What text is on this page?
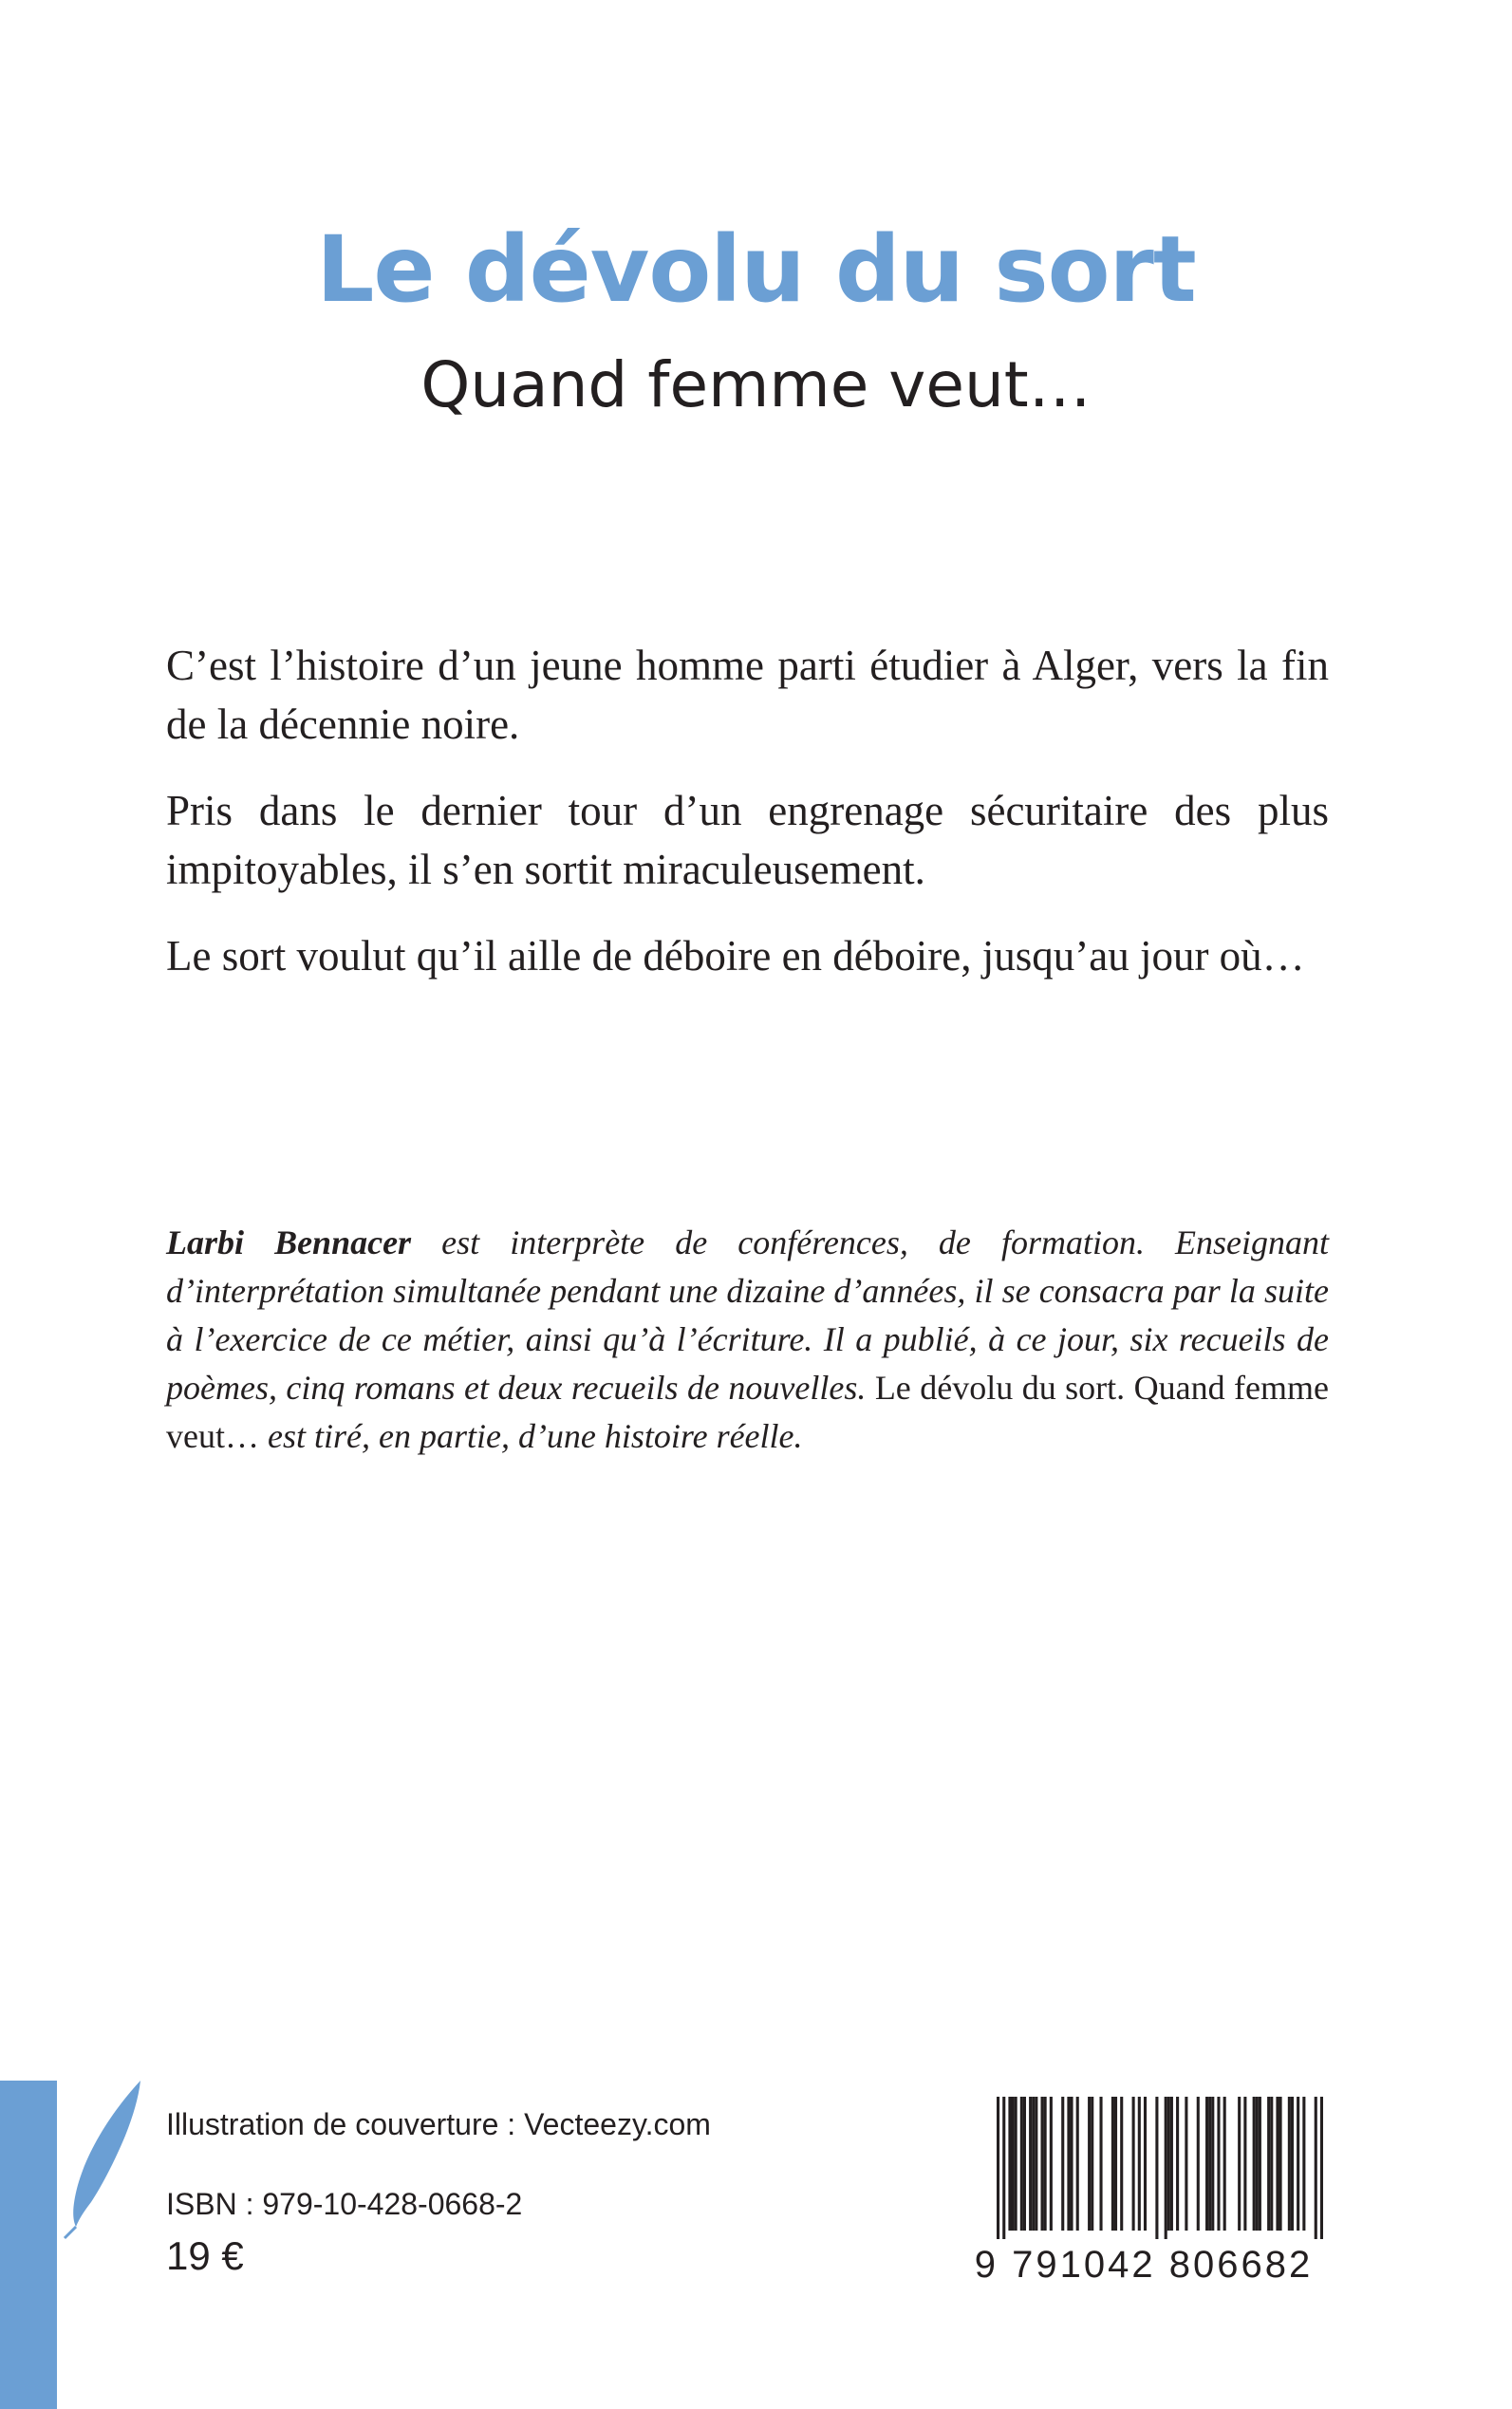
Le dévolu du sort
Quand femme veut…

C’est l’histoire d’un jeune homme parti étudier à Alger, vers la fin de la décennie noire.

Pris dans le dernier tour d’un engrenage sécuritaire des plus impitoyables, il s’en sortit miraculeusement.

Le sort voulut qu’il aille de déboire en déboire, jusqu’au jour où…

Larbi Bennacer est interprète de conférences, de formation. Enseignant d’interprétation simultanée pendant une dizaine d’années, il se consacra par la suite à l’exercice de ce métier, ainsi qu’à l’écriture. Il a publié, à ce jour, six recueils de poèmes, cinq romans et deux recueils de nouvelles. Le dévolu du sort. Quand femme veut… est tiré, en partie, d’une histoire réelle.
Illustration de couverture : Vecteezy.com
ISBN : 979-10-428-0668-2
19 €	9 791042 806682
